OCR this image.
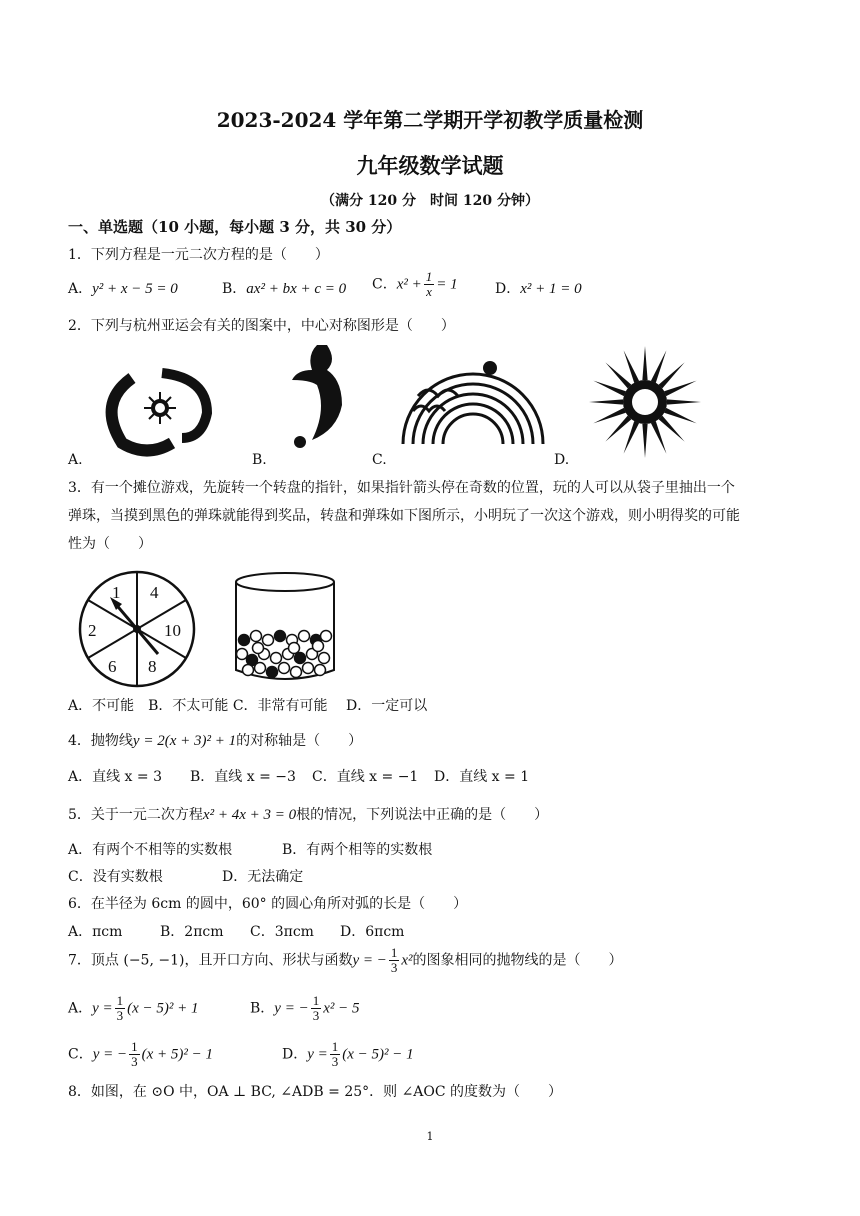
2023-2024 学年第二学期开学初教学质量检测
九年级数学试题
（满分 120 分　时间 120 分钟）
一、单选题（10 小题，每小题 3 分，共 30 分）
1．下列方程是一元二次方程的是（　　）
A．y² + x − 5 = 0	B．ax² + bx + c = 0 C．$x^2 + \frac{1}{x} = 1$	D．x² + 1 = 0
2．下列与杭州亚运会有关的图案中，中心对称图形是（　　）
A.	B.	C.	D.
3．有一个摊位游戏，先旋转一个转盘的指针，如果指针箭头停在奇数的位置，玩的人可以从袋子里抽出一个
弹珠，当摸到黑色的弹珠就能得到奖品，转盘和弹珠如下图所示，小明玩了一次这个游戏，则小明得奖的可能
性为（　　）
1 4
10
8
6
2
A．不可能　B．不太可能 C．非常有可能　 D．一定可以
4．抛物线y = 2(x + 3)² + 1的对称轴是（　　）
A．直线 x = 3 B．直线 x = −3 C．直线 x = −1 D．直线 x = 1
5．关于一元二次方程x² + 4x + 3 = 0根的情况，下列说法中正确的是（　　）
A．有两个不相等的实数根	B．有两个相等的实数根
C．没有实数根	D．无法确定
6．在半径为 6cm 的圆中，60° 的圆心角所对弧的长是（　　）
A．πcm	B．2πcm C．3πcm D．6πcm
7．顶点 (−5, −1)，且开口方向、形状与函数y = − $\frac{1}{3} x^2$的图象相同的抛物线的是（　　）
A．$y = \frac{1}{3} (x - 5)^2 + 1$	B．y = − $\frac{1}{3} x^2 - 5$
C．y = − $\frac{1}{3} (x + 5)^2 - 1$	D．$y = \frac{1}{3} (x - 5)^2 - 1$
8．如图，在 ⊙O 中，OA ⊥ BC, ∠ADB = 25°．则 ∠AOC 的度数为（　　）
1
